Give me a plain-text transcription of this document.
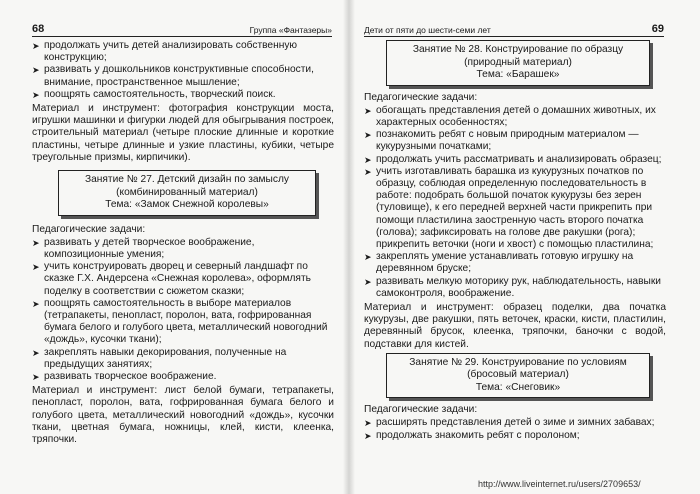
68	Группа «Фантазеры»
➤ продолжать учить детей анализировать собственную конструкцию;
➤ развивать у дошкольников конструктивные способности, внимание, пространственное мышление;
➤ поощрять самостоятельность, творческий поиск.

Материал и инструмент: фотография конструкции моста, игрушки машинки и фигурки людей для обыгрывания построек, строительный материал (четыре плоские длинные и короткие пластины, четыре длинные и узкие пластины, кубики, четыре треугольные призмы, кирпичики).

Занятие № 27. Детский дизайн по замыслу
(комбинированный материал)
Тема: «Замок Снежной королевы»
Педагогические задачи:
➤ развивать у детей творческое воображение, композиционные умения;
➤ учить конструировать дворец и северный ландшафт по сказке Г.Х. Андерсена «Снежная королева», оформлять поделку в соответствии с сюжетом сказки;
➤ поощрять самостоятельность в выборе материалов (тетрапакеты, пенопласт, поролон, вата, гофрированная бумага белого и голубого цвета, металлический новогодний «дождь», кусочки ткани);
➤ закреплять навыки декорирования, полученные на предыдущих занятиях;
➤ развивать творческое воображение.

Материал и инструмент: лист белой бумаги, тетрапакеты, пенопласт, поролон, вата, гофрированная бумага белого и голубого цвета, металлический новогодний «дождь», кусочки ткани, цветная бумага, ножницы, клей, кисти, клеенка, тряпочки.

Дети от пяти до шести-семи лет	69
Занятие № 28. Конструирование по образцу
(природный материал)
Тема: «Барашек»
Педагогические задачи:
➤ обогащать представления детей о домашних животных, их характерных особенностях;
➤ познакомить ребят с новым природным материалом — кукурузными початками;
➤ продолжать учить рассматривать и анализировать образец;
➤ учить изготавливать барашка из кукурузных початков по образцу, соблюдая определенную последовательность в работе: подобрать большой початок кукурузы без зерен (туловище), к его передней верхней части прикрепить при помощи пластилина заостренную часть второго початка (голова); зафиксировать на голове две ракушки (рога); прикрепить веточки (ноги и хвост) с помощью пластилина;
➤ закреплять умение устанавливать готовую игрушку на деревянном бруске;
➤ развивать мелкую моторику рук, наблюдательность, навыки самоконтроля, воображение.

Материал и инструмент: образец поделки, два початка кукурузы, две ракушки, пять веточек, краски, кисти, пластилин, деревянный брусок, клеенка, тряпочки, баночки с водой, подставки для кистей.

Занятие № 29. Конструирование по условиям
(бросовый материал)
Тема: «Снеговик»
Педагогические задачи:
➤ расширять представления детей о зиме и зимних забавах;
➤ продолжать знакомить ребят с поролоном;
http://www.liveinternet.ru/users/2709653/
